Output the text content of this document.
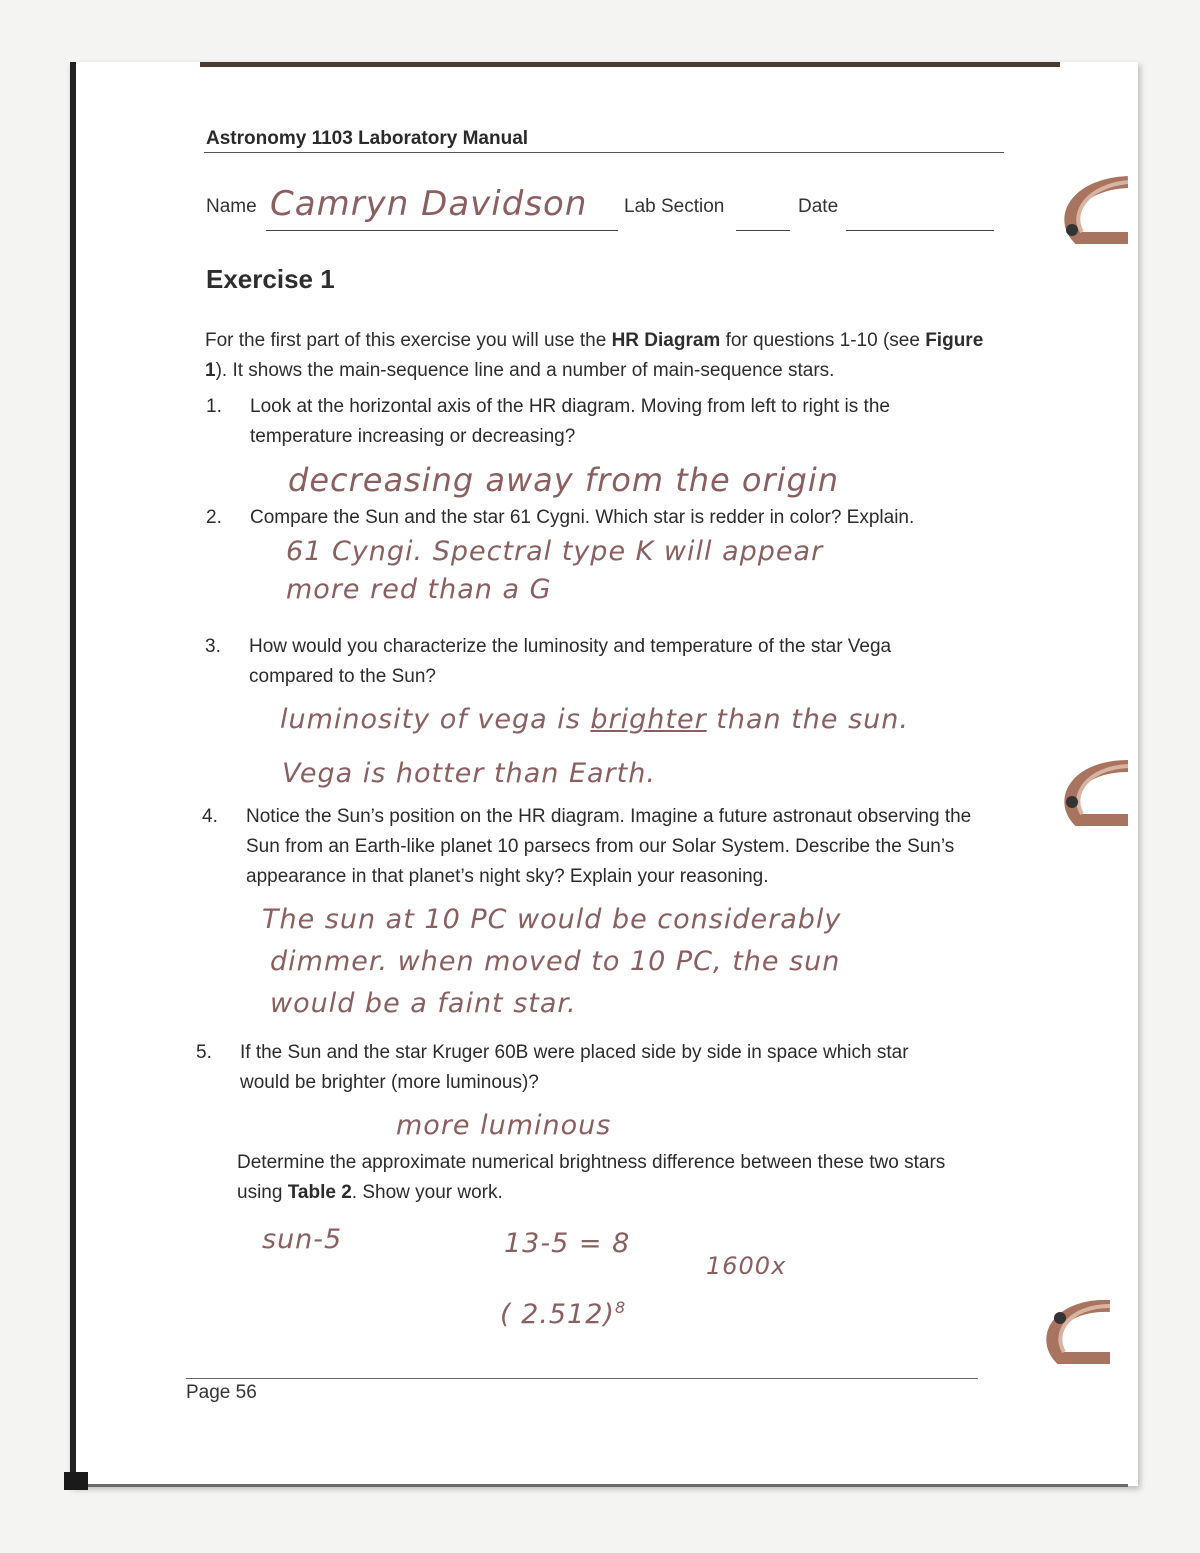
Astronomy 1103 Laboratory Manual
Name Camryn Davidson Lab Section	Date
Exercise 1
For the first part of this exercise you will use the HR Diagram for questions 1-10 (see Figure 1). It shows the main-sequence line and a number of main-sequence stars.
1. Look at the horizontal axis of the HR diagram. Moving from left to right is the temperature increasing or decreasing?
decreasing away from the origin
2. Compare the Sun and the star 61 Cygni. Which star is redder in color? Explain.
61 Cyngi. Spectral type K will appear
more red than a G
3. How would you characterize the luminosity and temperature of the star Vega compared to the Sun?
luminosity of vega is brighter than the sun.
Vega is hotter than Earth.
4. Notice the Sun’s position on the HR diagram. Imagine a future astronaut observing the Sun from an Earth-like planet 10 parsecs from our Solar System. Describe the Sun’s appearance in that planet’s night sky? Explain your reasoning.
The sun at 10 PC would be considerably
dimmer. when moved to 10 PC, the sun
would be a faint star.
5. If the Sun and the star Kruger 60B were placed side by side in space which star would be brighter (more luminous)?
more luminous
Determine the approximate numerical brightness difference between these two stars using Table 2. Show your work.
sun-5	13-5 = 8
( 2.512)$^8$
1600x
Page 56
